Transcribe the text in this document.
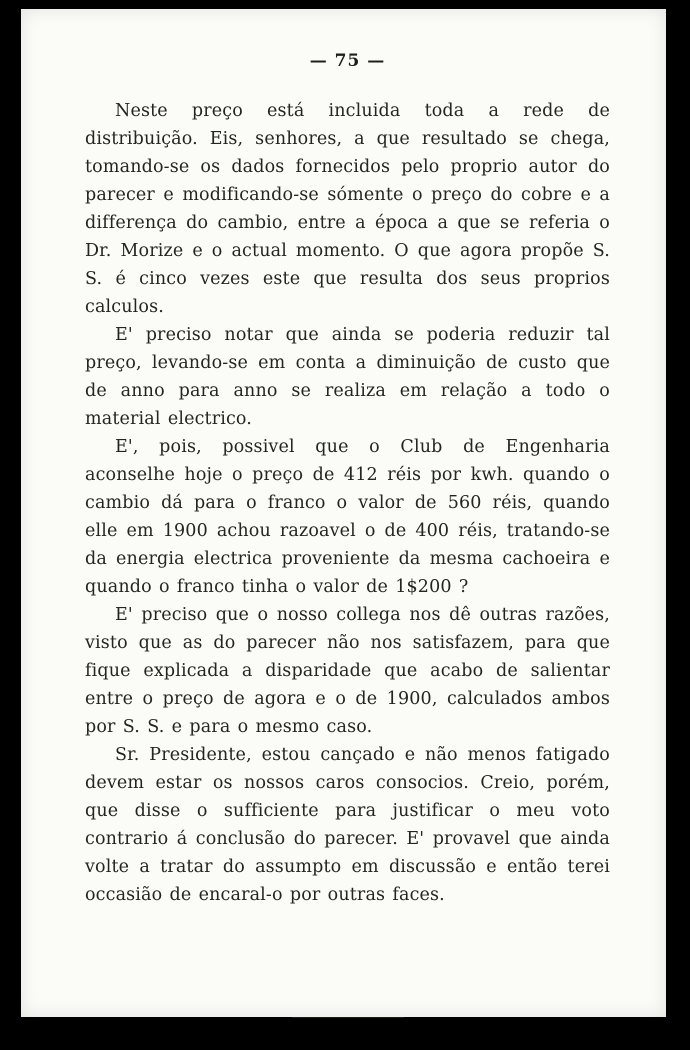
— 75 —

Neste preço está incluida toda a rede de distribuição. Eis, senhores, a que resultado se chega, tomando-se os dados fornecidos pelo proprio autor do parecer e modificando-se sómente o preço do cobre e a differença do cambio, entre a época a que se referia o Dr. Morize e o actual momento. O que agora propõe S. S. é cinco vezes este que resulta dos seus proprios calculos.

E' preciso notar que ainda se poderia reduzir tal preço, levando-se em conta a diminuição de custo que de anno para anno se realiza em relação a todo o material electrico.

E', pois, possivel que o Club de Engenharia aconselhe hoje o preço de 412 réis por kwh. quando o cambio dá para o franco o valor de 560 réis, quando elle em 1900 achou razoavel o de 400 réis, tratando-se da energia electrica proveniente da mesma cachoeira e quando o franco tinha o valor de 1$200 ?

E' preciso que o nosso collega nos dê outras razões, visto que as do parecer não nos satisfazem, para que fique explicada a disparidade que acabo de salientar entre o preço de agora e o de 1900, calculados ambos por S. S. e para o mesmo caso.

Sr. Presidente, estou cançado e não menos fatigado devem estar os nossos caros consocios. Creio, porém, que disse o sufficiente para justificar o meu voto contrario á conclusão do parecer. E' provavel que ainda volte a tratar do assumpto em discussão e então terei occasião de encaral-o por outras faces.
